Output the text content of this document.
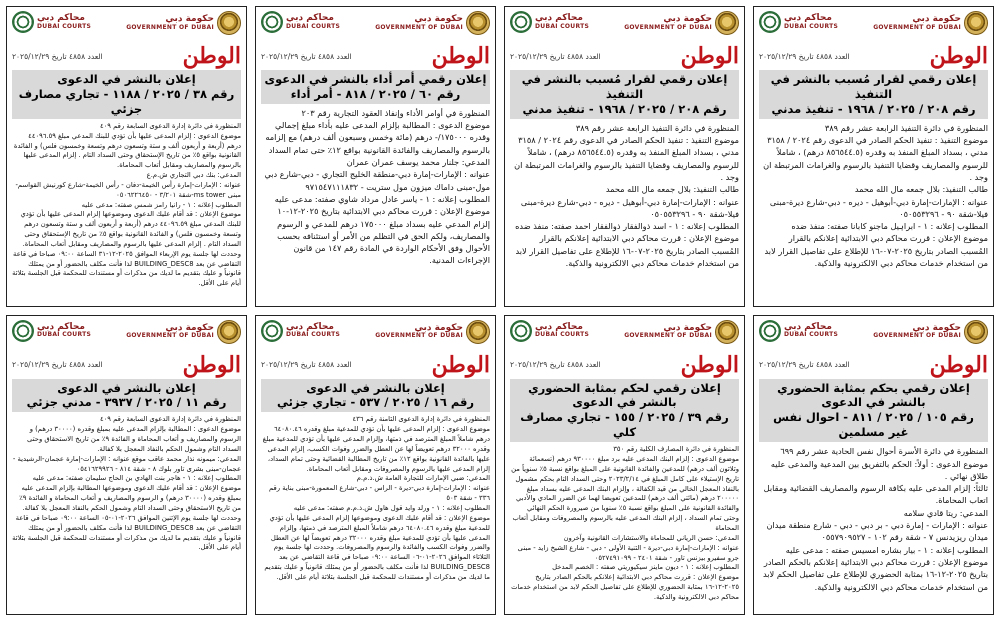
محاكم دبي
DUBAI COURTS
حكومة دبي
GOVERNMENT OF DUBAI
العدد ٤٨٥٨ تاريخ ٢٠٢٥/١٢/٢٩	الوطن
إعلان بالنشر في الدعوى
رقم ٣٨ / ٢٠٢٥ / ١١٨٨ - تجاري مصارف جزئي

المنظورة في دائرة إدارة الدعوى السابعة رقم ٤٠٩

موضوع الدعوى : إلزام المدعى عليها بأن تؤدي للبنك المدعي مبلغ ٤٤٠٩٦.٥٩ درهم (أربعة و أربعون ألف و ستة وتسعون درهم وتسعة وخمسون فلس) و الفائدة القانونية بواقع ٥٪ من تاريخ الإستحقاق وحتى السداد التام . إلزام المدعى عليها بالرسوم والمصاريف ومقابل أتعاب المحاماة.

المدعي: بنك دبي التجاري ش.م.ع

عنوانه : الإمارات-إمارة رأس الخيمة-دفان - رأس الخيمة-شارع كورنيش القواسم-مبنى ms tower-شقة ٣/٢٠١ - ٠٥٠٦٢٢٦٤٥٠

المطلوب إعلانه : ١ - رانيا رامز شمس صفته: مدعى عليه

موضوع الإعلان : قد أقام عليك الدعوى وموضوعها إلزام المدعى عليها بأن تؤدي للبنك المدعي مبلغ ٤٤٠٩٦.٥٩ درهم (أربعة و أربعون ألف و ستة وتسعون درهم وتسعة وخمسون فلس) و الفائدة القانونية بواقع ٥٪ من تاريخ الإستحقاق وحتى السداد التام . إلزام المدعى عليها بالرسوم والمصاريف ومقابل أتعاب المحاماة. وحددت لها جلسة يوم الإربعاء الموافق ٢٠٢٥-١٢-٣١ الساعة ٠٩:٠٠ صباحا في قاعة التقاضي عن بعد BUILDING_DESC8 لذا فأنت مكلف بالحضور أو من يمثلك قانونياً و عليك بتقديم ما لديك من مذكرات أو مستندات للمحكمة قبل الجلسة بثلاثة أيام على الأقل.

محاكم دبي
DUBAI COURTS
حكومة دبي
GOVERNMENT OF DUBAI
العدد ٤٨٥٨ تاريخ ٢٠٢٥/١٢/٢٩	الوطن
إعلان رقمي أمر أداء بالنشر في الدعوى
رقم ٦٠ / ٢٠٢٥ / ٨١٨ - أمر أداء

المنظورة في أوامر الأداء وإنفاذ العقود التجارية رقم ٢٠٣

موضوع الدعوى : المطالبة بإلزام المدعى عليه بأداء مبلغ إجمالي وقدره ١٧٥٠٠٠/- درهم (مائة وخمس وسبعون ألف درهم) مع إلزامه بالرسوم والمصاريف والفائدة القانونية بواقع ١٢٪ حتى تمام السداد

المدعي: جلنار محمد يوسف عمران عمران

عنوانه : الإمارات-إمارة دبي-منطقة الخليج التجاري - دبي-شارع دبي مول-مبنى داماك ميزون مول ستريت - ٩٧١٥٤٧١١١٨٣٢

المطلوب إعلانه : ١ - ياسر عادل مرداد شاوي صفته: مدعى عليه

موضوع الإعلان : قررت محاكم دبي الابتدائية بتاريخ ٢٠٢٥-١٢-١٠ إلزام المدعي عليه بسداد مبلغ ١٧٥٠٠٠ درهم للمدعي و الرسوم والمصاريف، ولكم الحق في التظلم من الأمر أو استئنافه بحسب الأحوال وفق الأحكام الواردة في المادة رقم ١٤٧ من قانون الإجراءات المدنية.

محاكم دبي
DUBAI COURTS
حكومة دبي
GOVERNMENT OF DUBAI
العدد ٤٨٥٨ تاريخ ٢٠٢٥/١٢/٢٩	الوطن
إعلان رقمي لقرار مُسبب بالنشر في التنفيذ
رقم ٢٠٨ / ٢٠٢٥ / ١٩٦٨ - تنفيذ مدني

المنظورة في دائرة التنفيذ الرابعة عشر رقم ٣٨٩

موضوع التنفيذ : تنفيذ الحكم الصادر في الدعوى رقم ٢٠٢٤ / ٣١٥٨ مدني ، بسداد المبلغ المنفذ به وقدره (٨٥٦٥٤٤.٥ درهم) ، شاملاً للرسوم والمصاريف وقضايا التنفيذ بالرسوم والغرامات المرتبطة ان وجد .

طالب التنفيذ: بلال جمعه مال الله محمد

عنوانه : الإمارات-إمارة دبي-أبوهيل - ديره - دبي-شارع ديرة-مبنى فيلا-شقة ٩٠ - ٠٥٠٥٥٣٢٩٦

المطلوب إعلانه : ١ - اسد ذوالفقار ذوالفقار احمد صفته: منفذ ضده

موضوع الإعلان : قررت محاكم دبي الابتدائية إعلانكم بالقرار المُسبب الصادر بتاريخ ٢٠٢٥-٠٧-١٦ للإطلاع على تفاصيل القرار لابد من استخدام خدمات محاكم دبي الالكترونية والذكية.

محاكم دبي
DUBAI COURTS
حكومة دبي
GOVERNMENT OF DUBAI
العدد ٤٨٥٨ تاريخ ٢٠٢٥/١٢/٢٩	الوطن
إعلان رقمي لقرار مُسبب بالنشر في التنفيذ
رقم ٢٠٨ / ٢٠٢٥ / ١٩٦٨ - تنفيذ مدني

المنظورة في دائرة التنفيذ الرابعة عشر رقم ٣٨٩

موضوع التنفيذ : تنفيذ الحكم الصادر في الدعوى رقم ٢٠٢٤ / ٣١٥٨ مدني ، بسداد المبلغ المنفذ به وقدره (٨٥٦٥٤٤.٥ درهم) ، شاملاً للرسوم والمصاريف وقضايا التنفيذ بالرسوم والغرامات المرتبطة ان وجد .

طالب التنفيذ: بلال جمعه مال الله محمد

عنوانه : الإمارات-إمارة دبي-أبوهيل - ديره - دبي-شارع ديرة-مبنى فيلا-شقة ٩٠ - ٠٥٠٥٥٣٢٩٦

المطلوب إعلانه : ١ - ابراہیل ماجنو كابانا صفته: منفذ ضده

موضوع الإعلان : قررت محاكم دبي الابتدائية إعلانكم بالقرار المُسبب الصادر بتاريخ ٢٠٢٥-٠٧-١٦ للإطلاع على تفاصيل القرار لابد من استخدام خدمات محاكم دبي الالكترونية والذكية.

محاكم دبي
DUBAI COURTS
حكومة دبي
GOVERNMENT OF DUBAI
العدد ٤٨٥٨ تاريخ ٢٠٢٥/١٢/٢٩	الوطن
إعلان بالنشر في الدعوى
رقم ١١ / ٢٠٢٥ / ٣٩٣٧ - مدني جزئي

المنظورة في دائرة إدارة الدعوى السابعة رقم ٤٠٩

موضوع الدعوى : المطالبة بإلزام المدعى عليه بمبلغ وقدره (٣٠٠٠٠ درهم) و الرسوم والمصاريف و أتعاب المحاماة و الفائدة ٩٪ من تاريخ الاستحقاق وحتى السداد التام وشمول الحكم بالنفاذ المعجل بلا كفالة.

المدعي: ميمونه نذار محمد عاقب موقع عنوانه : الإمارات-إمارة عجمان-الرشيدية - عجمان-مبنى بشرى تاور بلوك ٨ - شقة ٨١٤ - ٠٥٤١٦٢٩٩٢٦

المطلوب إعلانه : ١ - هاجر بنت الهادي بن الحاج سليمان صفته: مدعى عليه

موضوع الإعلان : قد أقام عليك الدعوى وموضوعها المطالبة بإلزام المدعى عليه بمبلغ وقدره (٣٠٠٠٠ درهم) و الرسوم والمصاريف و أتعاب المحاماة و الفائدة ٩٪ من تاريخ الاستحقاق وحتى السداد التام وشمول الحكم بالنفاذ المعجل بلا كفالة.

وحددت لها جلسة يوم الإثنين الموافق ٢٠٢٦-٠١-٠٥ الساعة ٠٩:٠٠ صباحا في قاعة التقاضي عن بعد BUILDING_DESC8 لذا فأنت مكلف بالحضور أو من يمثلك قانونياً و عليك بتقديم ما لديك من مذكرات أو مستندات للمحكمة قبل الجلسة بثلاثة أيام على الأقل.

محاكم دبي
DUBAI COURTS
حكومة دبي
GOVERNMENT OF DUBAI
العدد ٤٨٥٨ تاريخ ٢٠٢٥/١٢/٢٩	الوطن
إعلان بالنشر في الدعوى
رقم ١٦ / ٢٠٢٥ / ٥٣٧ - تجاري جزئي

المنظورة في دائرة إدارة الدعوى الثامنة رقم ٤٣٦

موضوع الدعوى : إلزام المدعى عليها بأن تؤدي للمدعية مبلغ وقدره ٦٤٠٨٠.٤٦ درهم شاملاً المبلغ المترصد في ذمتها، وإلزام المدعى عليها بأن تؤدي للمدعية مبلغ وقدره ٣٢٠٠٠ درهم تعويضاً لها عن العطل والضرر وفوات الكسب، إلزام المدعى عليها بالفائدة القانونية بواقع ١٢٪ من تاريخ المطالبة القضائية وحتى تمام السداد، إلزام المدعى عليها بالرسوم والمصروفات ومقابل أتعاب المحاماة.

المدعي: ضبي الإمارات للتجارة العامة ش.ذ.م.م

عنوانه : الإمارات-إمارة دبي-ديرة - الراس - دبي-شارع المعمورة-مبنى بناية رقم ٣٣٦ - شقة ٥٠٣

المطلوب إعلانه : ١ - ورلد وايد قول هاول ش.ذ.م.م صفته: مدعى عليه

موضوع الإعلان : قد أقام عليك الدعوى وموضوعها إلزام المدعى عليها بأن تؤدي للمدعية مبلغ وقدره ٦٤٠٨٠.٤٦ درهم شاملاً المبلغ المترصد في ذمتها، وإلزام المدعى عليها بأن تؤدي للمدعية مبلغ وقدره ٣٢٠٠٠ درهم تعويضاً لها عن العطل والضرر وفوات الكسب والفائدة والرسوم والمصروفات. وحددت لها جلسة يوم الثلاثاء الموافق ٢٠٢٦-٠١-٠٦ الساعة ٠٩:٠٠ صباحا في قاعة التقاضي عن بعد BUILDING_DESC8 لذا فأنت مكلف بالحضور أو من يمثلك قانونياً و عليك بتقديم ما لديك من مذكرات أو مستندات للمحكمة قبل الجلسة بثلاثة أيام على الأقل.

محاكم دبي
DUBAI COURTS
حكومة دبي
GOVERNMENT OF DUBAI
العدد ٤٨٥٨ تاريخ ٢٠٢٥/١٢/٢٩	الوطن
إعلان رقمي لحكم بمثابة الحضوري بالنشر في الدعوى
رقم ٣٩ / ٢٠٢٥ / ١٥٥ - تجاري مصارف كلي

المنظورة في دائرة المصارف الكلية رقم ٣٥٠

موضوع الدعوى : إلزام البنك المدعى عليه برد مبلغ ٩٣٠٠٠٠ درهم (تسعمائة وثلاثون ألف درهم) للمدعين والفائدة القانونية على المبلغ بواقع نسبة ٥٪ سنوياً من تاريخ الإستيلاء على كامل المبلغ في ٢٠٢٣/٢/١٤ وحتى السداد التام بحكم مشمول بالنفاذ المعجل الخالي من قيد الكفالة ، وإلزام البنك المدعى عليه بسداد مبلغ ٢٠٠٠٠٠ درهم (مائتي ألف درهم) للمدعين تعويضا لهما عن الضرر المادي والأدبي والفائدة القانونية على المبلغ بواقع نسبة ٥٪ سنويا من صيرورة الحكم النهائي وحتى تمام السداد ، إلزام البنك المدعى عليه بالرسوم والمصروفات ومقابل أتعاب المحاماة

المدعي: حسن الرياني للمحاماة والاستشارات القانونية وآخرون

عنوانه : الإمارات-إمارة دبي-ديرة - الثنية الأولى - دبي - شارع الشيخ زايد - مبنى جرو سفيرو بيزنس تاور - شقة ٢٤٠١ - ٠٥٢٧٤٩١٠٩٩

المطلوب إعلانه : ١ - ديون ماينز سيكيوريتي صفته : الخصم المدخل

موضوع الإعلان : قررت محاكم دبي الابتدائية إعلانكم بالحكم الصادر بتاريخ ٢٠٢٥-١٢-١٦ بمثابة الحضوري للإطلاع على تفاصيل الحكم لابد من استخدام خدمات محاكم دبي الالكترونية والذكية.

محاكم دبي
DUBAI COURTS
حكومة دبي
GOVERNMENT OF DUBAI
العدد ٤٨٥٨ تاريخ ٢٠٢٥/١٢/٢٩	الوطن
إعلان رقمي بحكم بمثابة الحضوري بالنشر في الدعوى
رقم ١٠٥ / ٢٠٢٥ / ٨١١ - احوال نفس غير مسلمين

المنظورة في دائرة الأسرة أحوال نفس الحادية عشر رقم ٦٩٩

موضوع الدعوى : أولاً: الحكم بالتفريق بين المدعية والمدعى عليه طلاق نهائي .

ثالثاً: إلزام المدعى عليه بكافة الرسوم والمصاريف القضائية ومقابل اتعاب المحاماة.

المدعي: ريتا قادي سلامه

عنوانه : الإمارات - إمارة دبي - بر دبي - دبي - شارع منطقة ميدان ميدان ريزيدنس ٧ - شقة رقم ١٠٢ - ٠٥٥٧٩٠٩٥٢٧

المطلوب إعلانه : ١ - بيار بشاره امسيس صفته : مدعى عليه

موضوع الإعلان : قررت محاكم دبي الابتدائية إعلانكم بالحكم الصادر بتاريخ ٢٠٢٥-١٢-١٦ بمثابة الحضوري للإطلاع على تفاصيل الحكم لابد من استخدام خدمات محاكم دبي الالكترونية والذكية.
